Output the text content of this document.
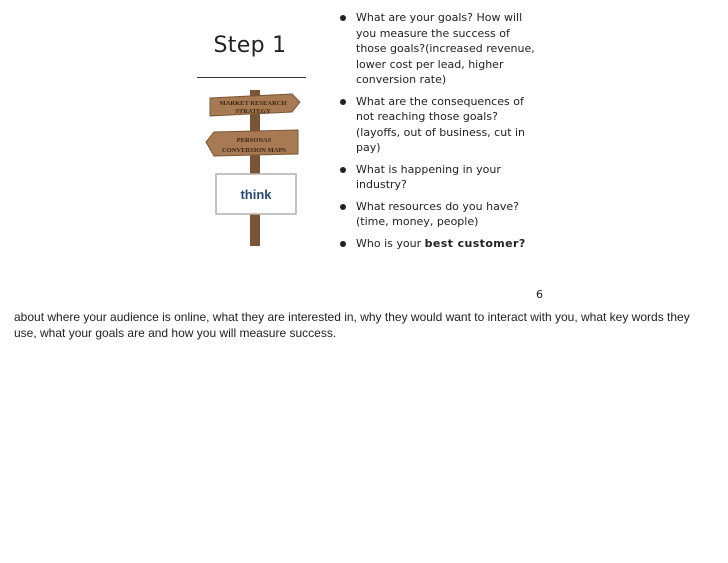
Step 1
MARKET RESEARCH
STRATEGY
PERSONAS
CONVERSION MAPS
think
What are your goals? How will you measure the success of those goals?(increased revenue, lower cost per lead, higher conversion rate)
What are the consequences of not reaching those goals? (layoffs, out of business, cut in pay)
What is happening in your industry?
What resources do you have? (time, money, people)
Who is your best customer?
6
about where your audience is online, what they are interested in, why they would want to interact with you, what key words they use, what your goals are and how you will measure success.
